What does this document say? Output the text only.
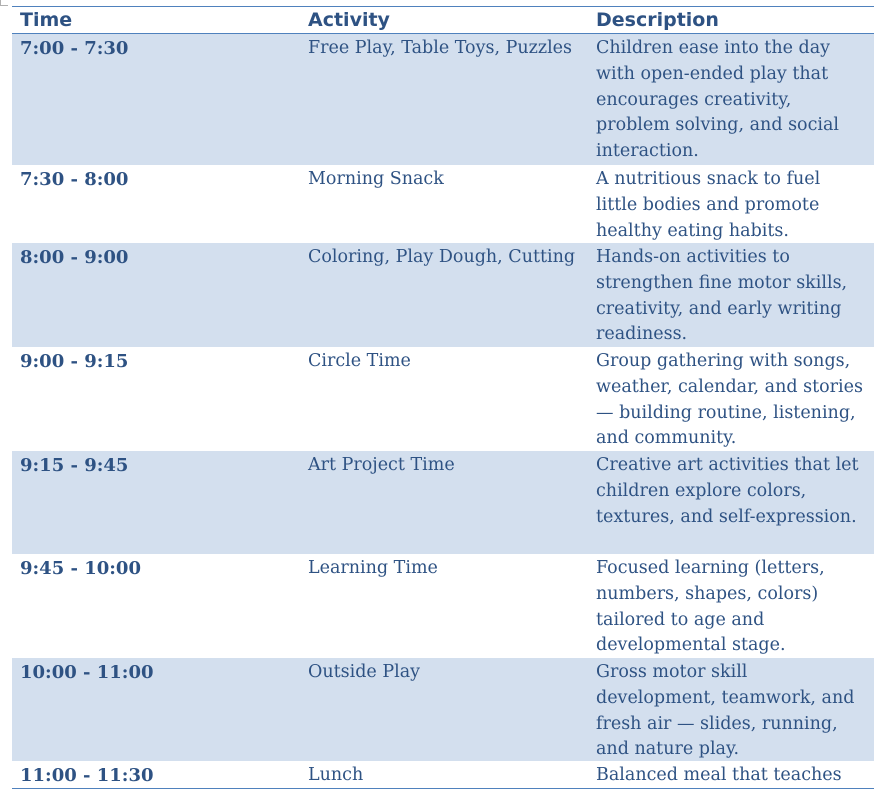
Time	Activity	Description
7:00 - 7:30	Free Play, Table Toys, Puzzles	Children ease into the day with open-ended play that encourages creativity, problem solving, and social interaction.
7:30 - 8:00	Morning Snack	A nutritious snack to fuel little bodies and promote healthy eating habits.
8:00 - 9:00	Coloring, Play Dough, Cutting	Hands-on activities to strengthen fine motor skills, creativity, and early writing readiness.
9:00 - 9:15	Circle Time	Group gathering with songs, weather, calendar, and stories — building routine, listening, and community.
9:15 - 9:45	Art Project Time	Creative art activities that let children explore colors, textures, and self-expression.
9:45 - 10:00	Learning Time	Focused learning (letters, numbers, shapes, colors) tailored to age and developmental stage.
10:00 - 11:00	Outside Play	Gross motor skill development, teamwork, and fresh air — slides, running, and nature play.
11:00 - 11:30	Lunch	Balanced meal that teaches
